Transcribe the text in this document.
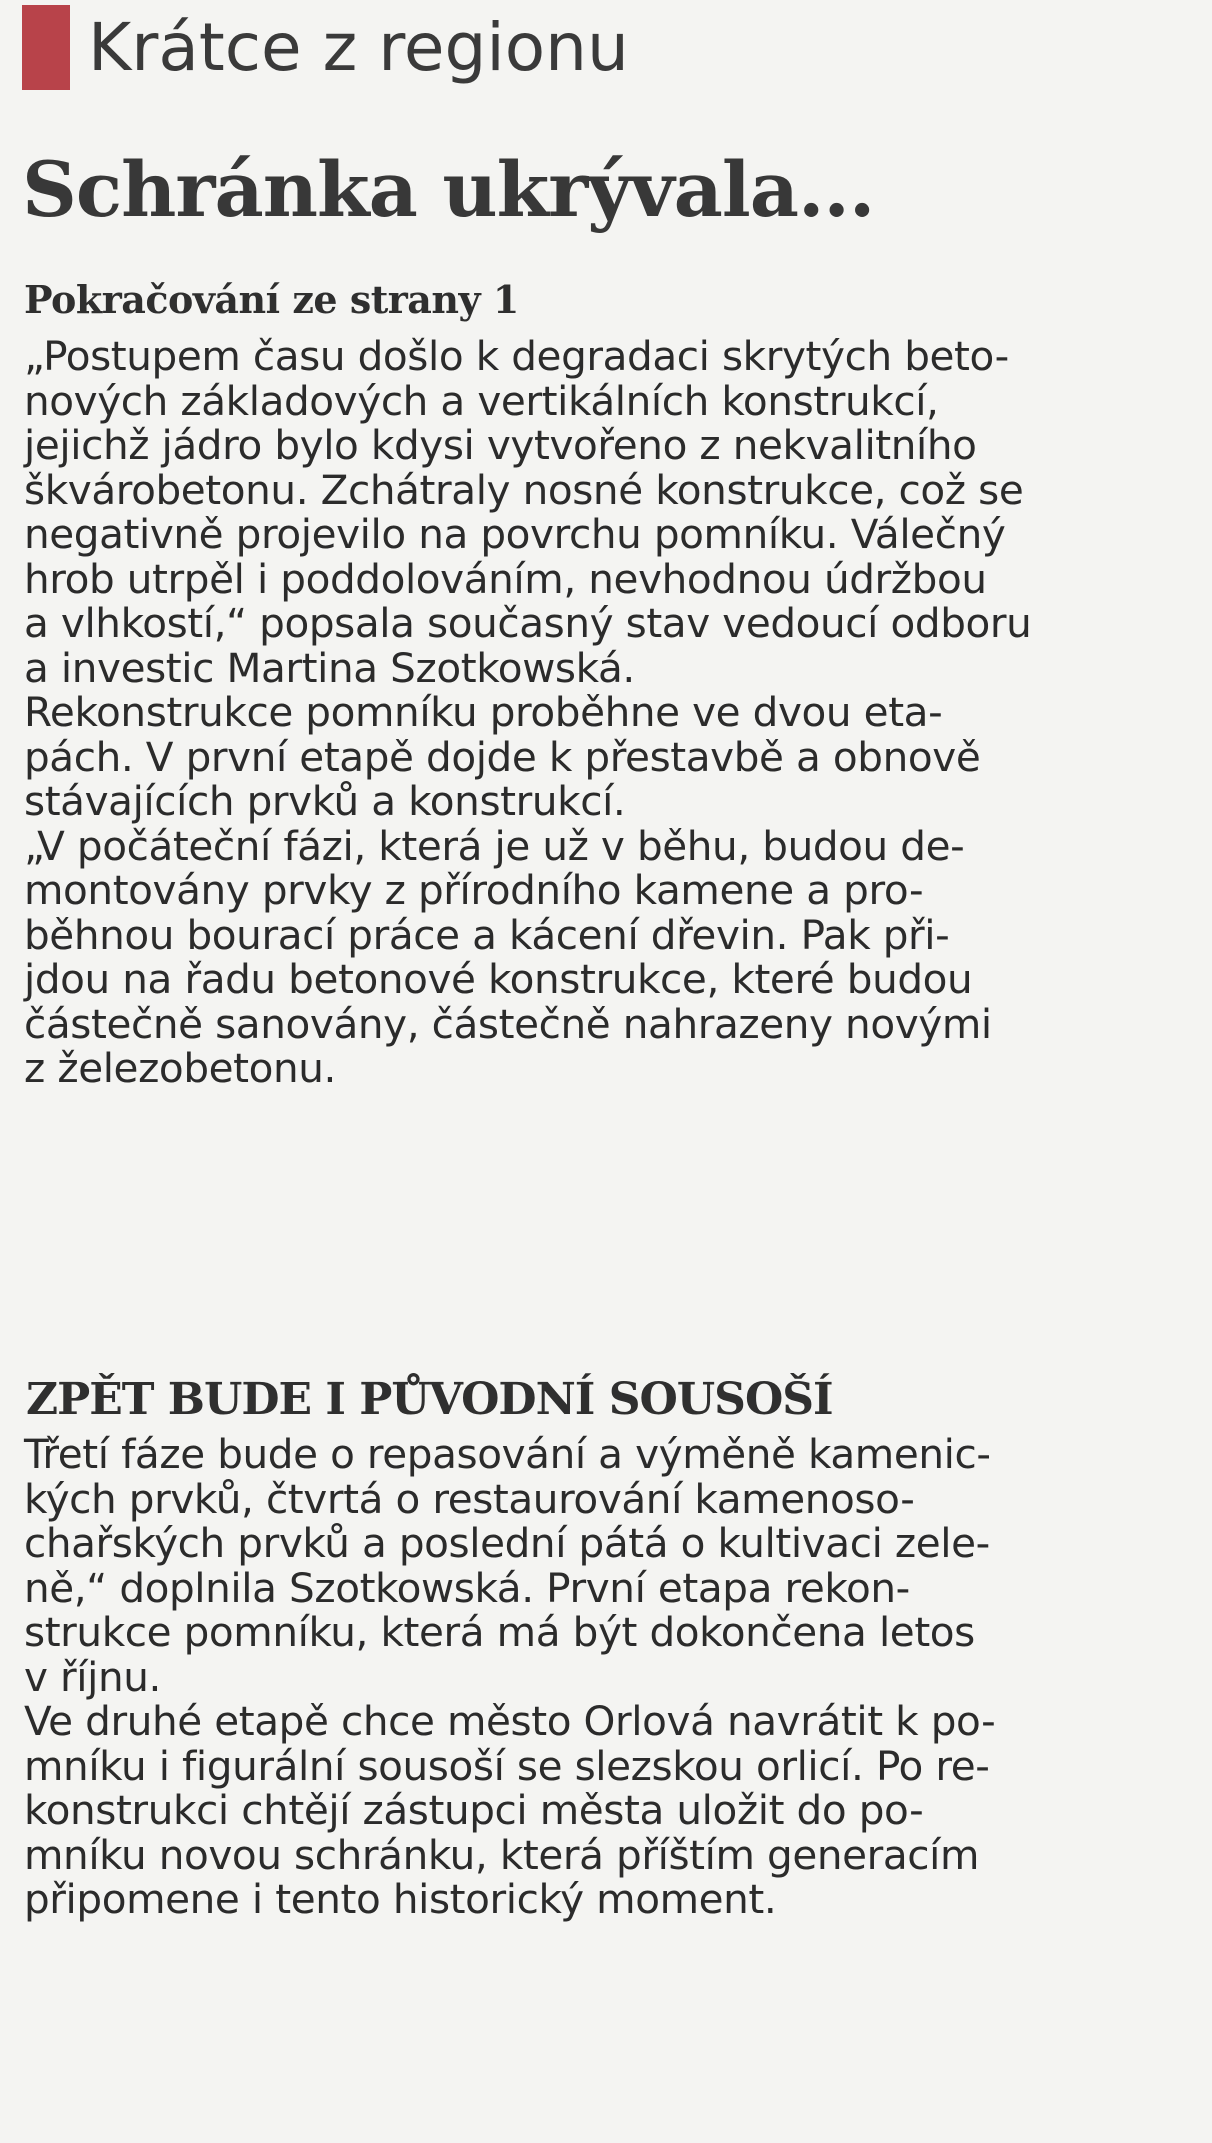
Krátce z regionu
Schránka ukrývala...

Pokračování ze strany 1

„Postupem času došlo k degradaci skrytých beto-
nových základových a vertikálních konstrukcí,
jejichž jádro bylo kdysi vytvořeno z nekvalitního
škvárobetonu. Zchátraly nosné konstrukce, což se
negativně projevilo na povrchu pomníku. Válečný
hrob utrpěl i poddolováním, nevhodnou údržbou
a vlhkostí,“ popsala současný stav vedoucí odboru
a investic Martina Szotkowská.
Rekonstrukce pomníku proběhne ve dvou eta-
pách. V první etapě dojde k přestavbě a obnově
stávajících prvků a konstrukcí.
„V počáteční fázi, která je už v běhu, budou de-
montovány prvky z přírodního kamene a pro-
běhnou bourací práce a kácení dřevin. Pak při-
jdou na řadu betonové konstrukce, které budou
částečně sanovány, částečně nahrazeny novými
z železobetonu.
ZPĚT BUDE I PŮVODNÍ SOUSOŠÍ
Třetí fáze bude o repasování a výměně kamenic-
kých prvků, čtvrtá o restaurování kamenoso-
chařských prvků a poslední pátá o kultivaci zele-
ně,“ doplnila Szotkowská. První etapa rekon-
strukce pomníku, která má být dokončena letos
v říjnu.
Ve druhé etapě chce město Orlová navrátit k po-
mníku i figurální sousoší se slezskou orlicí. Po re-
konstrukci chtějí zástupci města uložit do po-
mníku novou schránku, která příštím generacím
připomene i tento historický moment.
